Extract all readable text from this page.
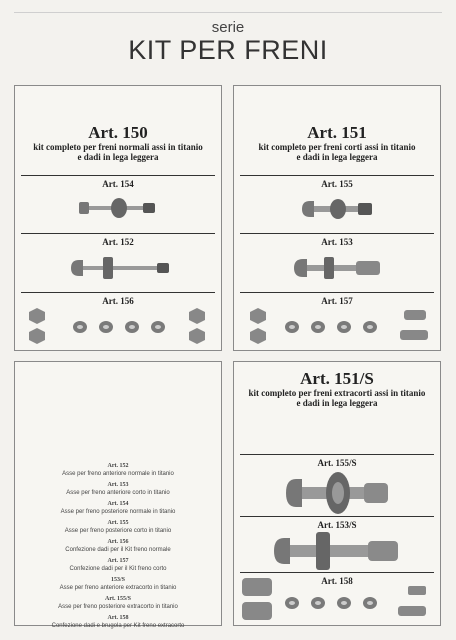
serie
KIT PER FRENI
Art. 150
kit completo per freni normali assi in titanio
e dadi in lega leggera
Art. 154
Art. 152
Art. 156
Art. 151
kit completo per freni corti assi in titanio
e dadi in lega leggera
Art. 155
Art. 153
Art. 157
Art. 152
Asse per freno anteriore normale in titanio
Art. 153
Asse per freno anteriore corto in titanio
Art. 154
Asse per freno posteriore normale in titanio
Art. 155
Asse per freno posteriore corto in titanio
Art. 156
Confezione dadi per il Kit freno normale
Art. 157
Confezione dadi per il Kit freno corto
153/S
Asse per freno anteriore extracorto in titanio
Art. 155/S
Asse per freno posteriore extracorto in titanio
Art. 158
Confezione dadi e brugola per Kit freno extracorto
Art. 151/S
kit completo per freni extracorti assi in titanio
e dadi in lega leggera
Art. 155/S
Art. 153/S
Art. 158
